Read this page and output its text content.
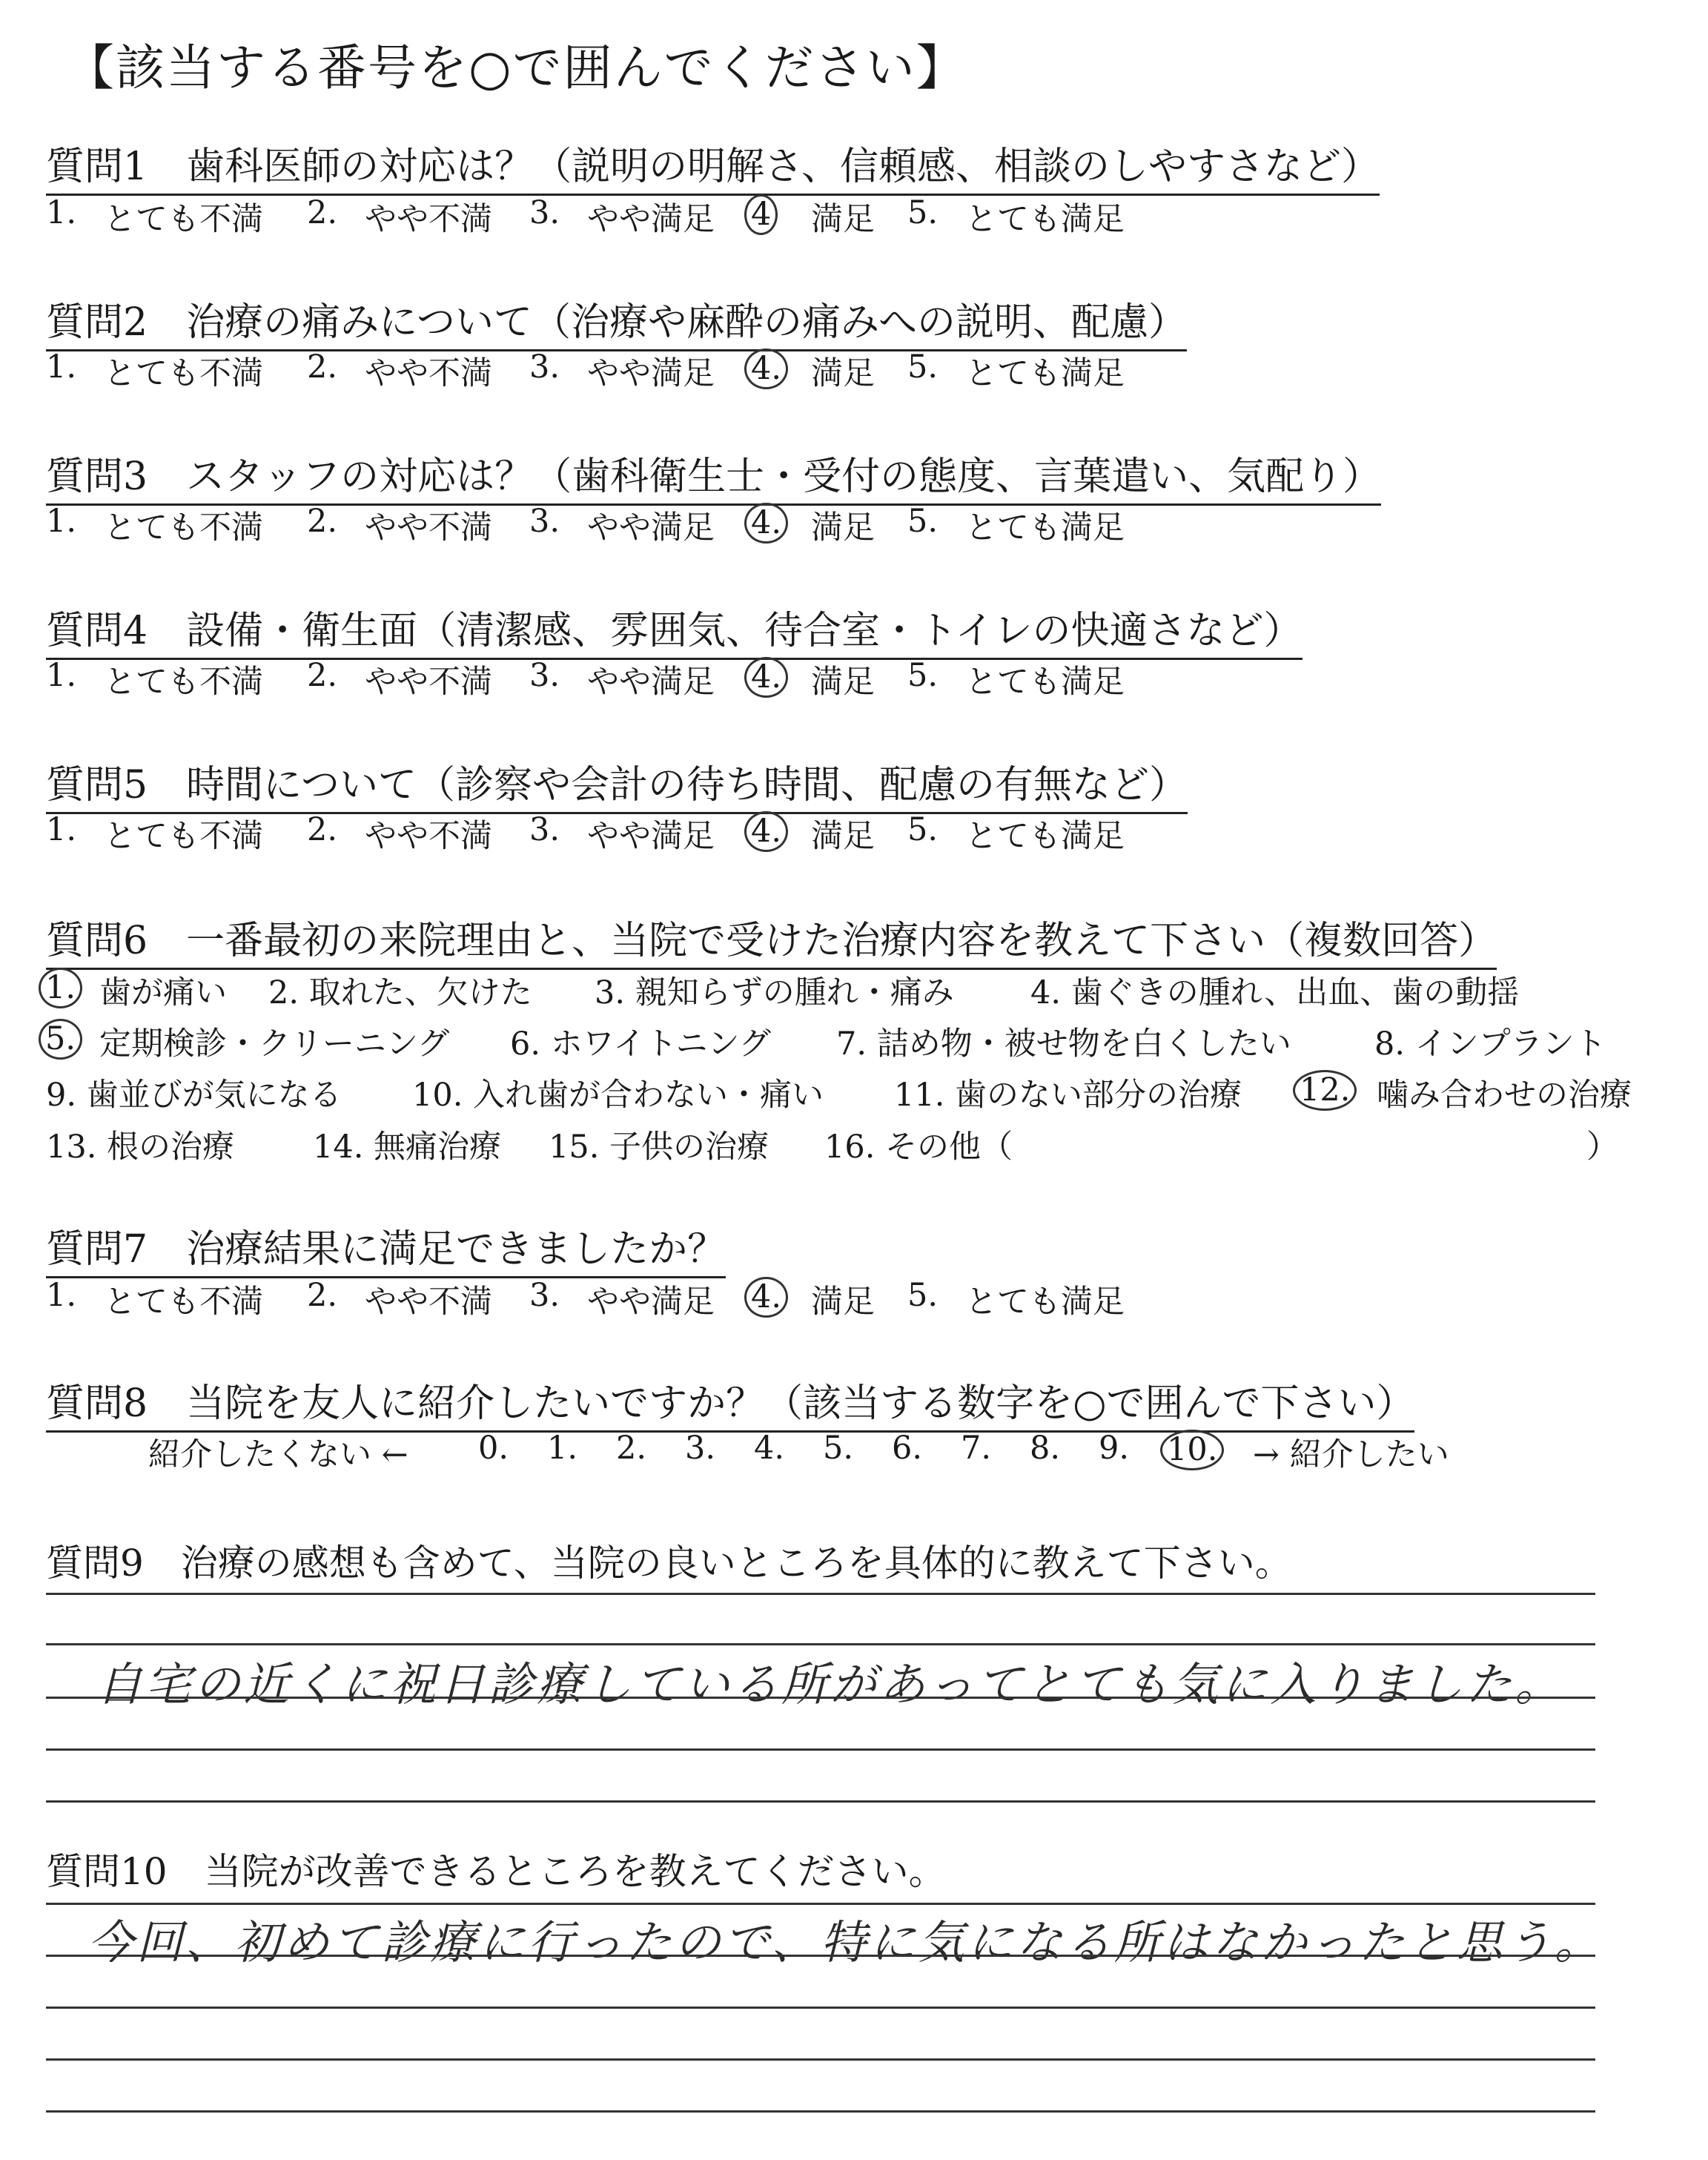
【該当する番号を○で囲んでください】
質問1　歯科医師の対応は？（説明の明解さ、信頼感、相談のしやすさなど）
1. とても不満 2. やや不満 3. やや満足 4 満足 5. とても満足
質問2　治療の痛みについて（治療や麻酔の痛みへの説明、配慮）
1. とても不満 2. やや不満 3. やや満足 4. 満足 5. とても満足
質問3　スタッフの対応は？（歯科衛生士・受付の態度、言葉遣い、気配り）
1. とても不満 2. やや不満 3. やや満足 4. 満足 5. とても満足
質問4　設備・衛生面（清潔感、雰囲気、待合室・トイレの快適さなど）
1. とても不満 2. やや不満 3. やや満足 4. 満足 5. とても満足
質問5　時間について（診察や会計の待ち時間、配慮の有無など）
1. とても不満 2. やや不満 3. やや満足 4. 満足 5. とても満足
質問6　一番最初の来院理由と、当院で受けた治療内容を教えて下さい（複数回答）
1. 歯が痛い 2. 取れた、欠けた 3. 親知らずの腫れ・痛み 4. 歯ぐきの腫れ、出血、歯の動揺
5. 定期検診・クリーニング 6. ホワイトニング 7. 詰め物・被せ物を白くしたい	8. インプラント
9. 歯並びが気になる 10. 入れ歯が合わない・痛い 11. 歯のない部分の治療 12. 噛み合わせの治療
13. 根の治療 14. 無痛治療 15. 子供の治療 16. その他（	）
質問7　治療結果に満足できましたか？
1. とても不満 2. やや不満 3. やや満足 4. 満足 5. とても満足
質問8　当院を友人に紹介したいですか？（該当する数字を○で囲んで下さい）
紹介したくない ← 0. 1. 2. 3. 4. 5. 6. 7. 8. 9. 10. → 紹介したい
質問9　治療の感想も含めて、当院の良いところを具体的に教えて下さい。
自宅の近くに祝日診療している所があってとても気に入りました。
質問10　当院が改善できるところを教えてください。
今回、初めて診療に行ったので、特に気になる所はなかったと思う。
